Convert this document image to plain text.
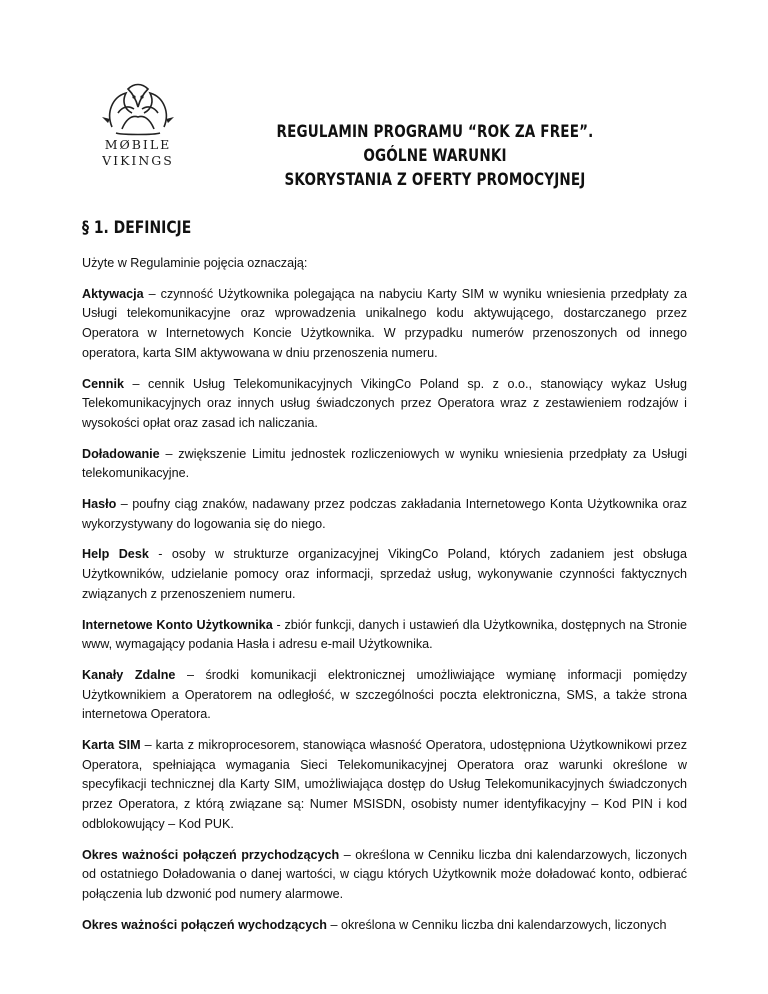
MØBILE
VIKINGS
REGULAMIN PROGRAMU “ROK ZA FREE”. OGÓLNE WARUNKI
SKORYSTANIA Z OFERTY PROMOCYJNEJ
§ 1. DEFINICJE

Użyte w Regulaminie pojęcia oznaczają:

Aktywacja – czynność Użytkownika polegająca na nabyciu Karty SIM w wyniku wniesienia przedpłaty za Usługi telekomunikacyjne oraz wprowadzenia unikalnego kodu aktywującego, dostarczanego przez Operatora w Internetowych Koncie Użytkownika. W przypadku numerów przenoszonych od innego operatora, karta SIM aktywowana w dniu przenoszenia numeru.

Cennik – cennik Usług Telekomunikacyjnych VikingCo Poland sp. z o.o., stanowiący wykaz Usług Telekomunikacyjnych oraz innych usług świadczonych przez Operatora wraz z zestawieniem rodzajów i wysokości opłat oraz zasad ich naliczania.

Doładowanie – zwiększenie Limitu jednostek rozliczeniowych w wyniku wniesienia przedpłaty za Usługi telekomunikacyjne.

Hasło – poufny ciąg znaków, nadawany przez podczas zakładania Internetowego Konta Użytkownika oraz wykorzystywany do logowania się do niego.

Help Desk - osoby w strukturze organizacyjnej VikingCo Poland, których zadaniem jest obsługa Użytkowników, udzielanie pomocy oraz informacji, sprzedaż usług, wykonywanie czynności faktycznych związanych z przenoszeniem numeru.

Internetowe Konto Użytkownika - zbiór funkcji, danych i ustawień dla Użytkownika, dostępnych na Stronie www, wymagający podania Hasła i adresu e-mail Użytkownika.

Kanały Zdalne – środki komunikacji elektronicznej umożliwiające wymianę informacji pomiędzy Użytkownikiem a Operatorem na odległość, w szczególności poczta elektroniczna, SMS, a także strona internetowa Operatora.

Karta SIM – karta z mikroprocesorem, stanowiąca własność Operatora, udostępniona Użytkownikowi przez Operatora, spełniająca wymagania Sieci Telekomunikacyjnej Operatora oraz warunki określone w specyfikacji technicznej dla Karty SIM, umożliwiająca dostęp do Usług Telekomunikacyjnych świadczonych przez Operatora, z którą związane są: Numer MSISDN, osobisty numer identyfikacyjny – Kod PIN i kod odblokowujący – Kod PUK.

Okres ważności połączeń przychodzących – określona w Cenniku liczba dni kalendarzowych, liczonych od ostatniego Doładowania o danej wartości, w ciągu których Użytkownik może doładować konto, odbierać połączenia lub dzwonić pod numery alarmowe.

Okres ważności połączeń wychodzących – określona w Cenniku liczba dni kalendarzowych, liczonych
